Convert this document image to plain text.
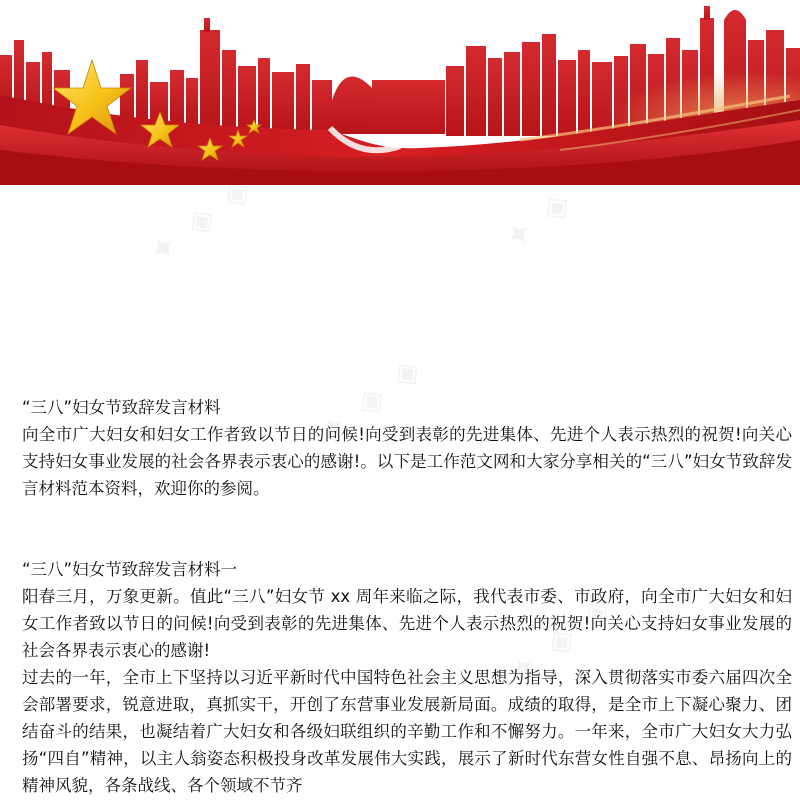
✦ ◈ ◈	✦ ◈
✦ ◈ ◈
✦ ◈ ◈

“三八”妇女节致辞发言材料

向全市广大妇女和妇女工作者致以节日的问候!向受到表彰的先进集体、先进个人表示热烈的祝贺!向关心支持妇女事业发展的社会各界表示衷心的感谢!。以下是工作范文网和大家分享相关的“三八”妇女节致辞发言材料范本资料，欢迎你的参阅。

“三八”妇女节致辞发言材料一

阳春三月，万象更新。值此“三八”妇女节 xx 周年来临之际，我代表市委、市政府，向全市广大妇女和妇女工作者致以节日的问候!向受到表彰的先进集体、先进个人表示热烈的祝贺!向关心支持妇女事业发展的社会各界表示衷心的感谢!

过去的一年，全市上下坚持以习近平新时代中国特色社会主义思想为指导，深入贯彻落实市委六届四次全会部署要求，锐意进取，真抓实干，开创了东营事业发展新局面。成绩的取得，是全市上下凝心聚力、团结奋斗的结果，也凝结着广大妇女和各级妇联组织的辛勤工作和不懈努力。一年来，全市广大妇女大力弘扬“四自”精神，以主人翁姿态积极投身改革发展伟大实践，展示了新时代东营女性自强不息、昂扬向上的精神风貌，各条战线、各个领域不节齐
